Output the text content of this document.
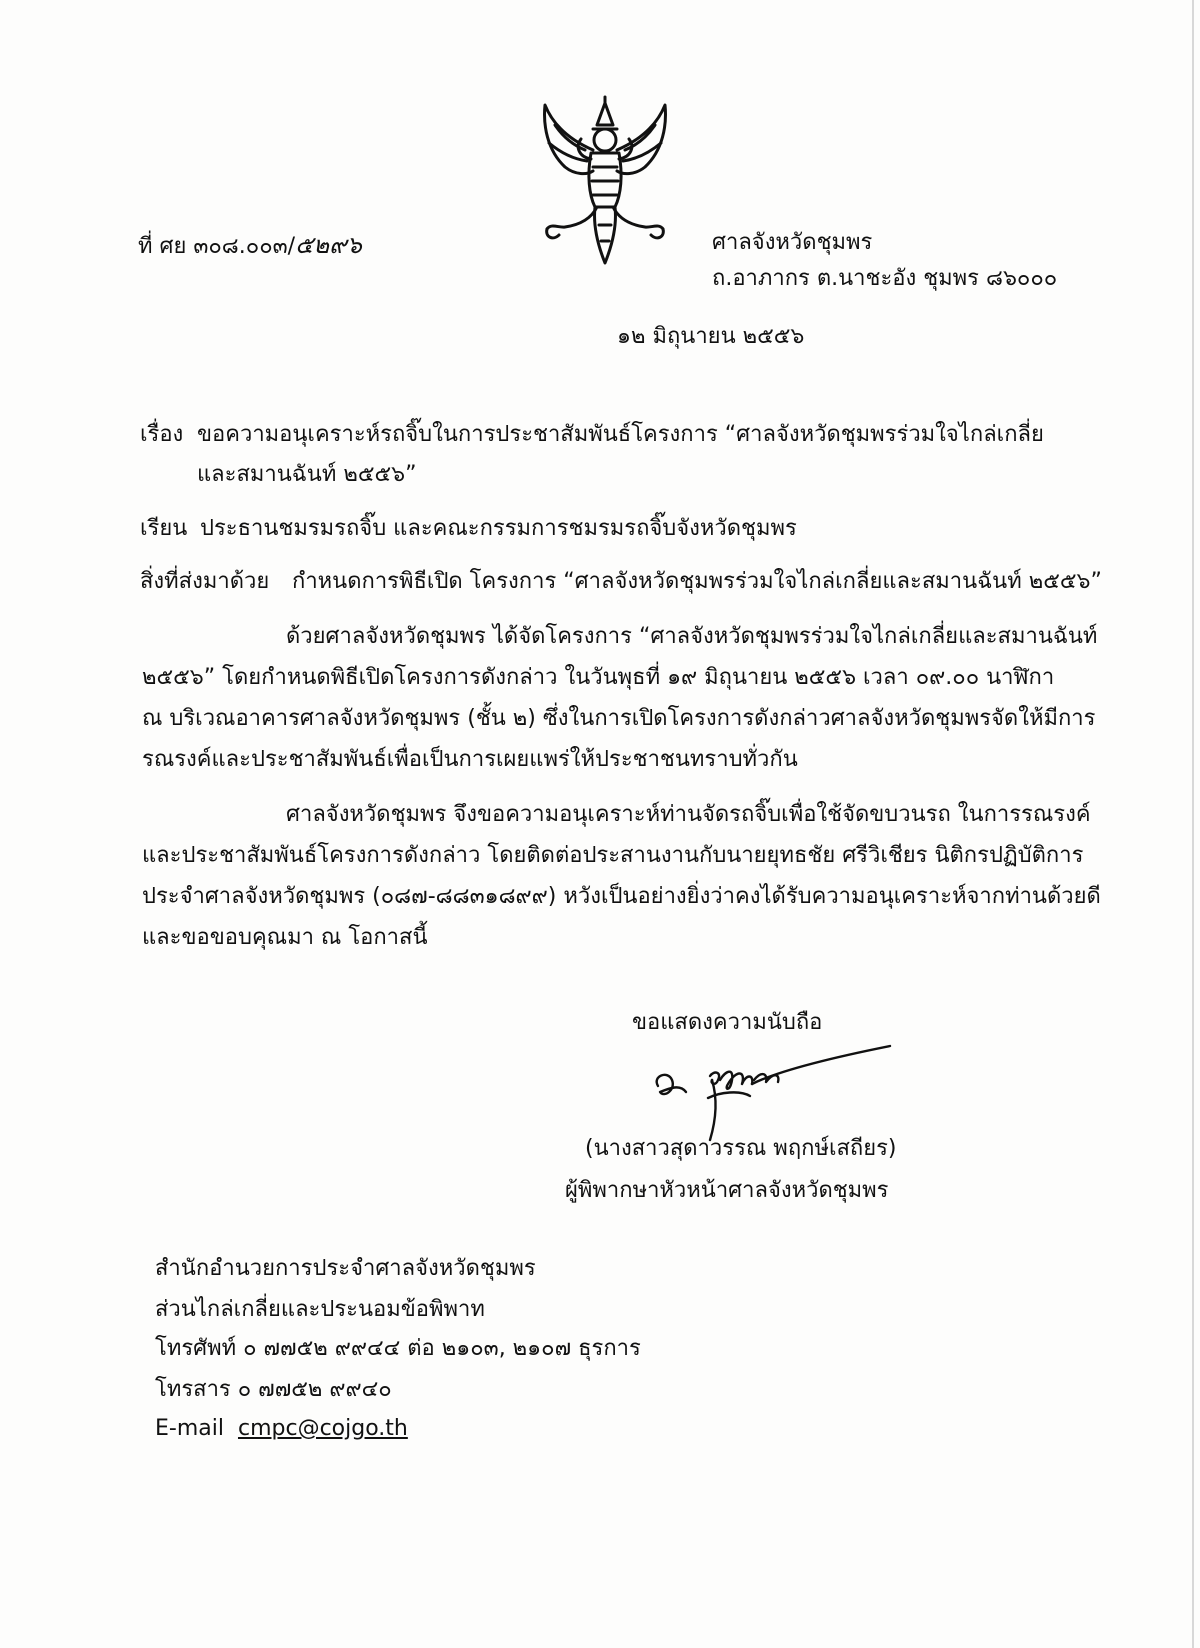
ที่ ศย ๓๐๘.๐๐๓/๕๒๙๖	ศาลจังหวัดชุมพร
ถ.อาภากร ต.นาชะอัง ชุมพร ๘๖๐๐๐
๑๒ มิถุนายน ๒๕๕๖
เรื่อง ขอความอนุเคราะห์รถจิ๊บในการประชาสัมพันธ์โครงการ “ศาลจังหวัดชุมพรร่วมใจไกล่เกลี่ย
และสมานฉันท์ ๒๕๕๖”
เรียน ประธานชมรมรถจิ๊บ และคณะกรรมการชมรมรถจิ๊บจังหวัดชุมพร
สิ่งที่ส่งมาด้วย กำหนดการพิธีเปิด โครงการ “ศาลจังหวัดชุมพรร่วมใจไกล่เกลี่ยและสมานฉันท์ ๒๕๕๖”
ด้วยศาลจังหวัดชุมพร ได้จัดโครงการ “ศาลจังหวัดชุมพรร่วมใจไกล่เกลี่ยและสมานฉันท์
๒๕๕๖” โดยกำหนดพิธีเปิดโครงการดังกล่าว ในวันพุธที่ ๑๙ มิถุนายน ๒๕๕๖ เวลา ๐๙.๐๐ นาฬิกา
ณ บริเวณอาคารศาลจังหวัดชุมพร (ชั้น ๒) ซึ่งในการเปิดโครงการดังกล่าวศาลจังหวัดชุมพรจัดให้มีการ
รณรงค์และประชาสัมพันธ์เพื่อเป็นการเผยแพร่ให้ประชาชนทราบทั่วกัน
ศาลจังหวัดชุมพร จึงขอความอนุเคราะห์ท่านจัดรถจิ๊บเพื่อใช้จัดขบวนรถ ในการรณรงค์
และประชาสัมพันธ์โครงการดังกล่าว โดยติดต่อประสานงานกับนายยุทธชัย ศรีวิเชียร นิติกรปฏิบัติการ
ประจำศาลจังหวัดชุมพร (๐๘๗-๘๘๓๑๘๙๙) หวังเป็นอย่างยิ่งว่าคงได้รับความอนุเคราะห์จากท่านด้วยดี
และขอขอบคุณมา ณ โอกาสนี้
ขอแสดงความนับถือ
(นางสาวสุดาวรรณ พฤกษ์เสถียร)
ผู้พิพากษาหัวหน้าศาลจังหวัดชุมพร
สำนักอำนวยการประจำศาลจังหวัดชุมพร
ส่วนไกล่เกลี่ยและประนอมข้อพิพาท
โทรศัพท์ ๐ ๗๗๕๒ ๙๙๔๔ ต่อ ๒๑๐๓, ๒๑๐๗ ธุรการ
โทรสาร ๐ ๗๗๕๒ ๙๙๔๐
E-mail cmpc@cojgo.th
